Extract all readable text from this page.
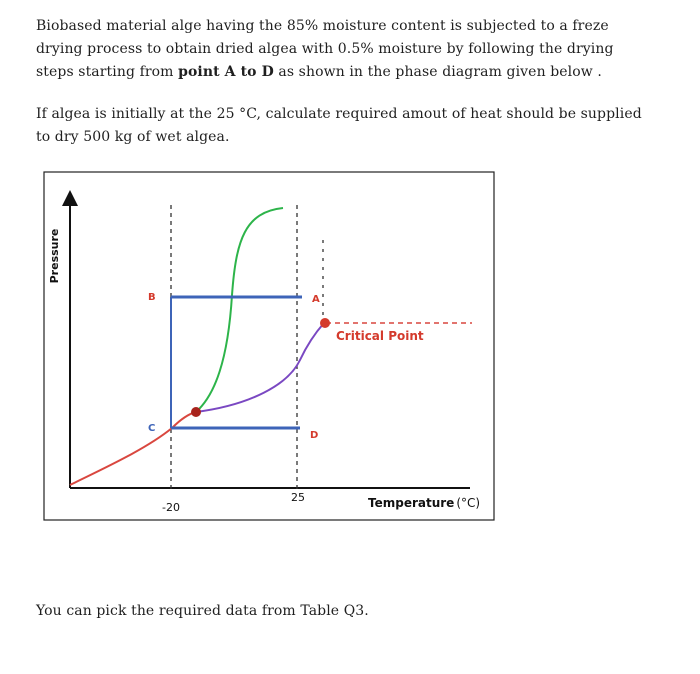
Biobased material alge having the 85% moisture content is subjected to a freze drying process to obtain dried algea with 0.5% moisture by following the drying steps starting from point A to D as shown in the phase diagram given below .
If algea is initially at the 25 °C, calculate required amout of heat should be supplied to dry 500 kg of wet algea.
Pressure
B
C
A
D
Critical Point
-20
25	Temperature (°C)
You can pick the required data from Table Q3.
